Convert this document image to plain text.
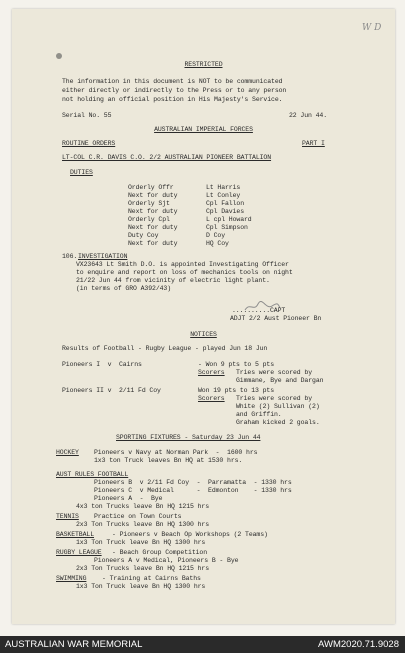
W D
RESTRICTED
The information in this document is NOT to be communicated
either directly or indirectly to the Press or to any person
not holding an official position in His Majesty's Service.
Serial No. 55	22 Jun 44.
AUSTRALIAN IMPERIAL FORCES
ROUTINE ORDERS	PART I
LT-COL C.R. DAVIS C.O. 2/2 AUSTRALIAN PIONEER BATTALION
DUTIES
Orderly Offr	Lt Harris
Next for duty	Lt Conley
Orderly Sjt	Cpl Fallon
Next for duty	Cpl Davies
Orderly Cpl	L cpl Howard
Next for duty	Cpl Simpson
Duty Coy	D Coy
Next for duty	HQ Coy
106. INVESTIGATION
VX23643 Lt Smith D.O. is appointed Investigating Officer
to enquire and report on loss of mechanics tools on night
21/22 Jun 44 from vicinity of electric light plant.
(in terms of GRO A392/43)
..........CAPT
ADJT 2/2 Aust Pioneer Bn
NOTICES
Results of Football - Rugby League - played Jun 18 Jun
Pioneers I  v  Cairns	- Won 9 pts to 5 pts
Scorers Tries were scored by
Gimmane, Bye and Dargan
Pioneers II v  2/11 Fd Coy	Won 19 pts to 13 pts
Scorers Tries were scored by
White (2) Sullivan (2)
and Griffin.
Graham kicked 2 goals.
SPORTING FIXTURES - Saturday 23 Jun 44
HOCKEY Pioneers v Navy at Norman Park  -  1600 hrs
1x3 ton Truck leaves Bn HQ at 1530 hrs.
AUST RULES FOOTBALL
Pioneers B  v 2/11 Fd Coy  -  Parramatta  - 1330 hrs
Pioneers C  v Medical      -  Edmonton    - 1330 hrs
Pioneers A  -  Bye
4x3 ton Trucks leave Bn HQ 1215 hrs
TENNIS Practice on Town Courts
2x3 Ton Trucks leave Bn HQ 1300 hrs
BASKETBALL	- Pioneers v Beach Op Workshops (2 Teams)
1x3 Ton Truck leave Bn HQ 1300 hrs
RUGBY LEAGUE - Beach Group Competition
Pioneers A v Medical, Pioneers B - Bye
2x3 Ton Trucks leave Bn HQ 1215 hrs
SWIMMING - Training at Cairns Baths
1x3 Ton Truck leave Bn HQ 1300 hrs
AUSTRALIAN WAR MEMORIAL	AWM2020.71.9028
